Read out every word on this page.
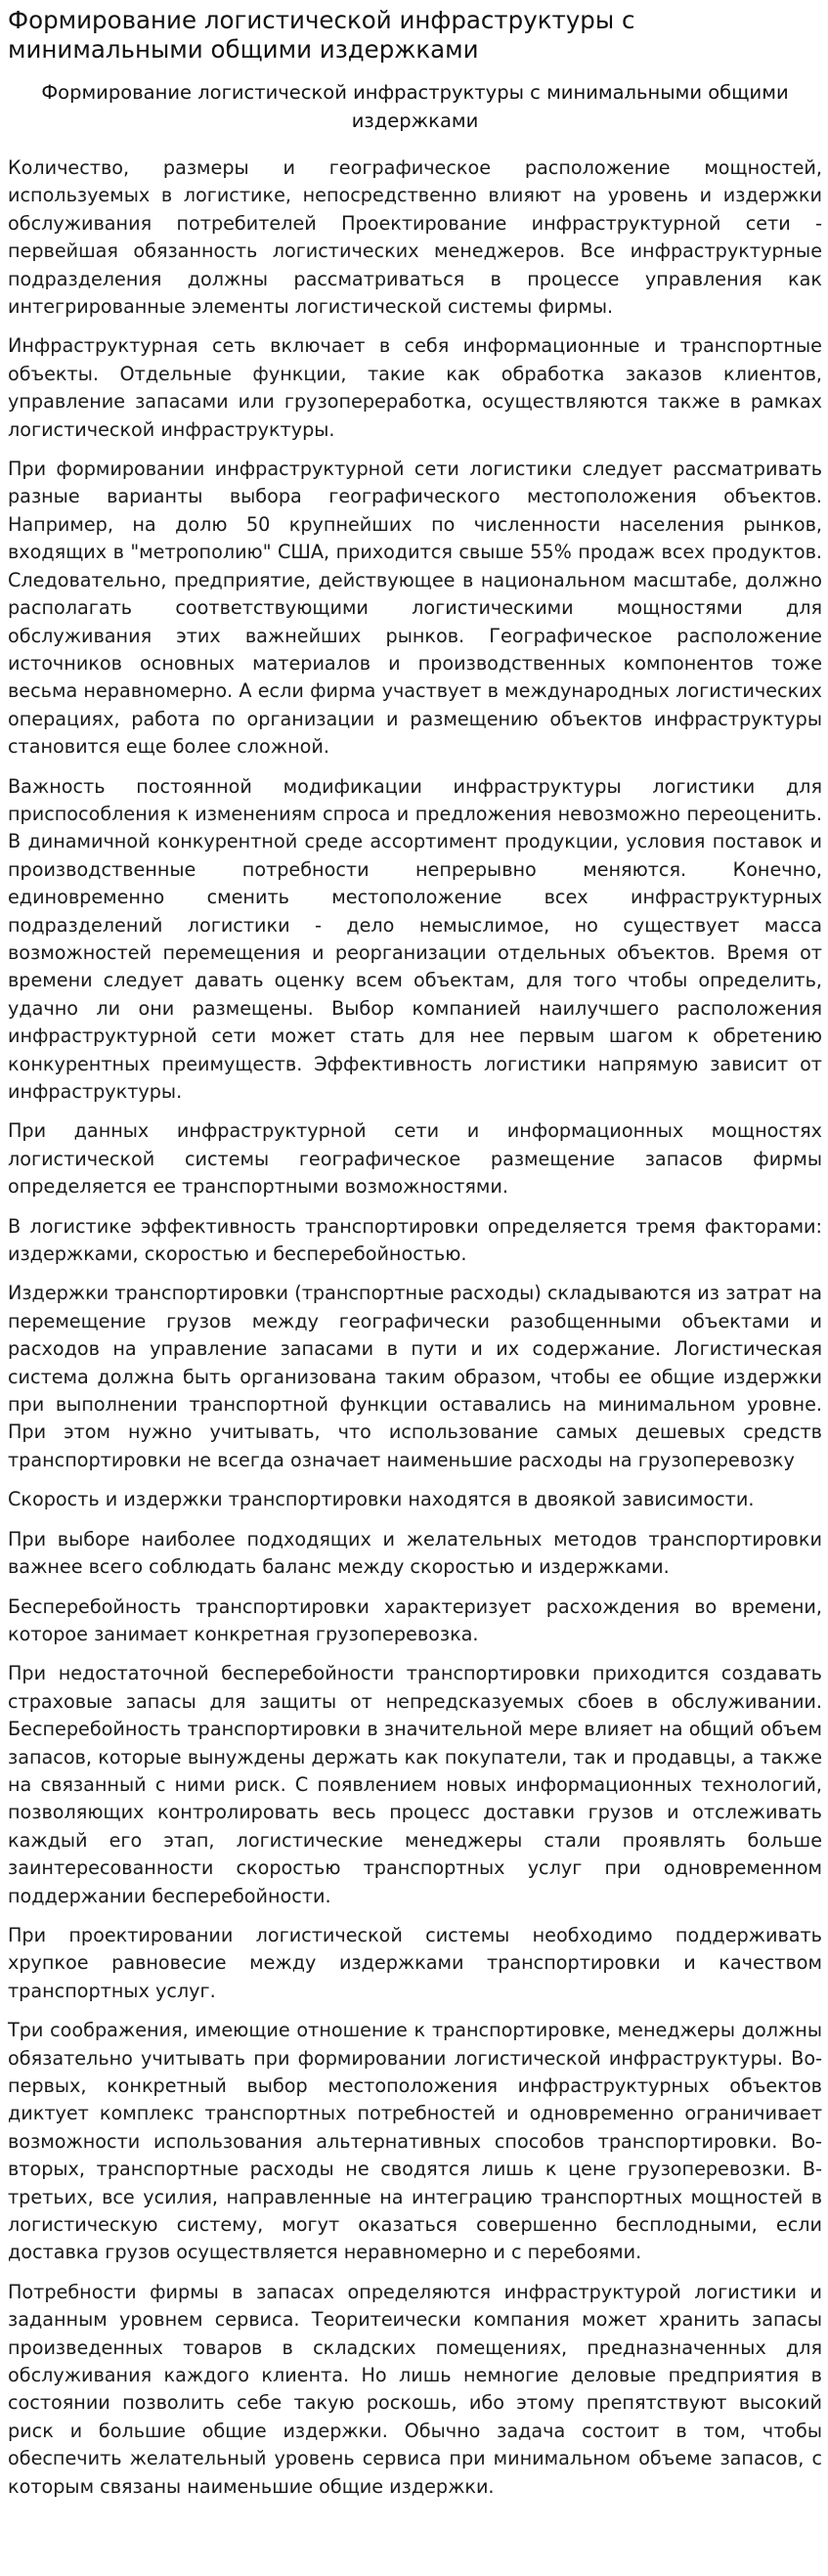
Формирование логистической инфраструктуры с минимальными общими издержками
Формирование логистической инфраструктуры с минимальными общими издержками

Количество, размеры и географическое расположение мощностей, используемых в логистике, непосредственно влияют на уровень и издержки обслуживания потребителей Проектирование инфраструктурной сети - первейшая обязанность логистических менеджеров. Все инфраструктурные подразделения должны рассматриваться в процессе управления как интегрированные элементы логистической системы фирмы.

Инфраструктурная сеть включает в себя информационные и транспортные объекты. Отдельные функции, такие как обработка заказов клиентов, управление запасами или грузопереработка, осуществляются также в рамках логистической инфраструктуры.

При формировании инфраструктурной сети логистики следует рассматривать разные варианты выбора географического местоположения объектов. Например, на долю 50 крупнейших по численности населения рынков, входящих в "метрополию" США, приходится свыше 55% продаж всех продуктов. Следовательно, предприятие, действующее в национальном масштабе, должно располагать соответствующими логистическими мощностями для обслуживания этих важнейших рынков. Географическое расположение источников основных материалов и производственных компонентов тоже весьма неравномерно. А если фирма участвует в международных логистических операциях, работа по организации и размещению объектов инфраструктуры становится еще более сложной.

Важность постоянной модификации инфраструктуры логистики для приспособления к изменениям спроса и предложения невозможно переоценить. В динамичной конкурентной среде ассортимент продукции, условия поставок и производственные потребности непрерывно меняются. Конечно, единовременно сменить местоположение всех инфраструктурных подразделений логистики - дело немыслимое, но существует масса возможностей перемещения и реорганизации отдельных объектов. Время от времени следует давать оценку всем объектам, для того чтобы определить, удачно ли они размещены. Выбор компанией наилучшего расположения инфраструктурной сети может стать для нее первым шагом к обретению конкурентных преимуществ. Эффективность логистики напрямую зависит от инфраструктуры.

При данных инфраструктурной сети и информационных мощностях логистической системы географическое размещение запасов фирмы определяется ее транспортными возможностями.

В логистике эффективность транспортировки определяется тремя факторами: издержками, скоростью и бесперебойностью.

Издержки транспортировки (транспортные расходы) складываются из затрат на перемещение грузов между географически разобщенными объектами и расходов на управление запасами в пути и их содержание. Логистическая система должна быть организована таким образом, чтобы ее общие издержки при выполнении транспортной функции оставались на минимальном уровне. При этом нужно учитывать, что использование самых дешевых средств транспортировки не всегда означает наименьшие расходы на грузоперевозку

Скорость и издержки транспортировки находятся в двоякой зависимости.

При выборе наиболее подходящих и желательных методов транспортировки важнее всего соблюдать баланс между скоростью и издержками.

Бесперебойность транспортировки характеризует расхождения во времени, которое занимает конкретная грузоперевозка.

При недостаточной бесперебойности транспортировки приходится создавать страховые запасы для защиты от непредсказуемых сбоев в обслуживании. Бесперебойность транспортировки в значительной мере влияет на общий объем запасов, которые вынуждены держать как покупатели, так и продавцы, а также на связанный с ними риск. С появлением новых информационных технологий, позволяющих контролировать весь процесс доставки грузов и отслеживать каждый его этап, логистические менеджеры стали проявлять больше заинтересованности скоростью транспортных услуг при одновременном поддержании бесперебойности.

При проектировании логистической системы необходимо поддерживать хрупкое равновесие между издержками транспортировки и качеством транспортных услуг.

Три соображения, имеющие отношение к транспортировке, менеджеры должны обязательно учитывать при формировании логистической инфраструктуры. Во-первых, конкретный выбор местоположения инфраструктурных объектов диктует комплекс транспортных потребностей и одновременно ограничивает возможности использования альтернативных способов транспортировки. Во-вторых, транспортные расходы не сводятся лишь к цене грузоперевозки. В-третьих, все усилия, направленные на интеграцию транспортных мощностей в логистическую систему, могут оказаться совершенно бесплодными, если доставка грузов осуществляется неравномерно и с перебоями.

Потребности фирмы в запасах определяются инфраструктурой логистики и заданным уровнем сервиса. Теоритеически компания может хранить запасы произведенных товаров в складских помещениях, предназначенных для обслуживания каждого клиента. Но лишь немногие деловые предприятия в состоянии позволить себе такую роскошь, ибо этому препятствуют высокий риск и большие общие издержки. Обычно задача состоит в том, чтобы обеспечить желательный уровень сервиса при минимальном объеме запасов, с которым связаны наименьшие общие издержки.
